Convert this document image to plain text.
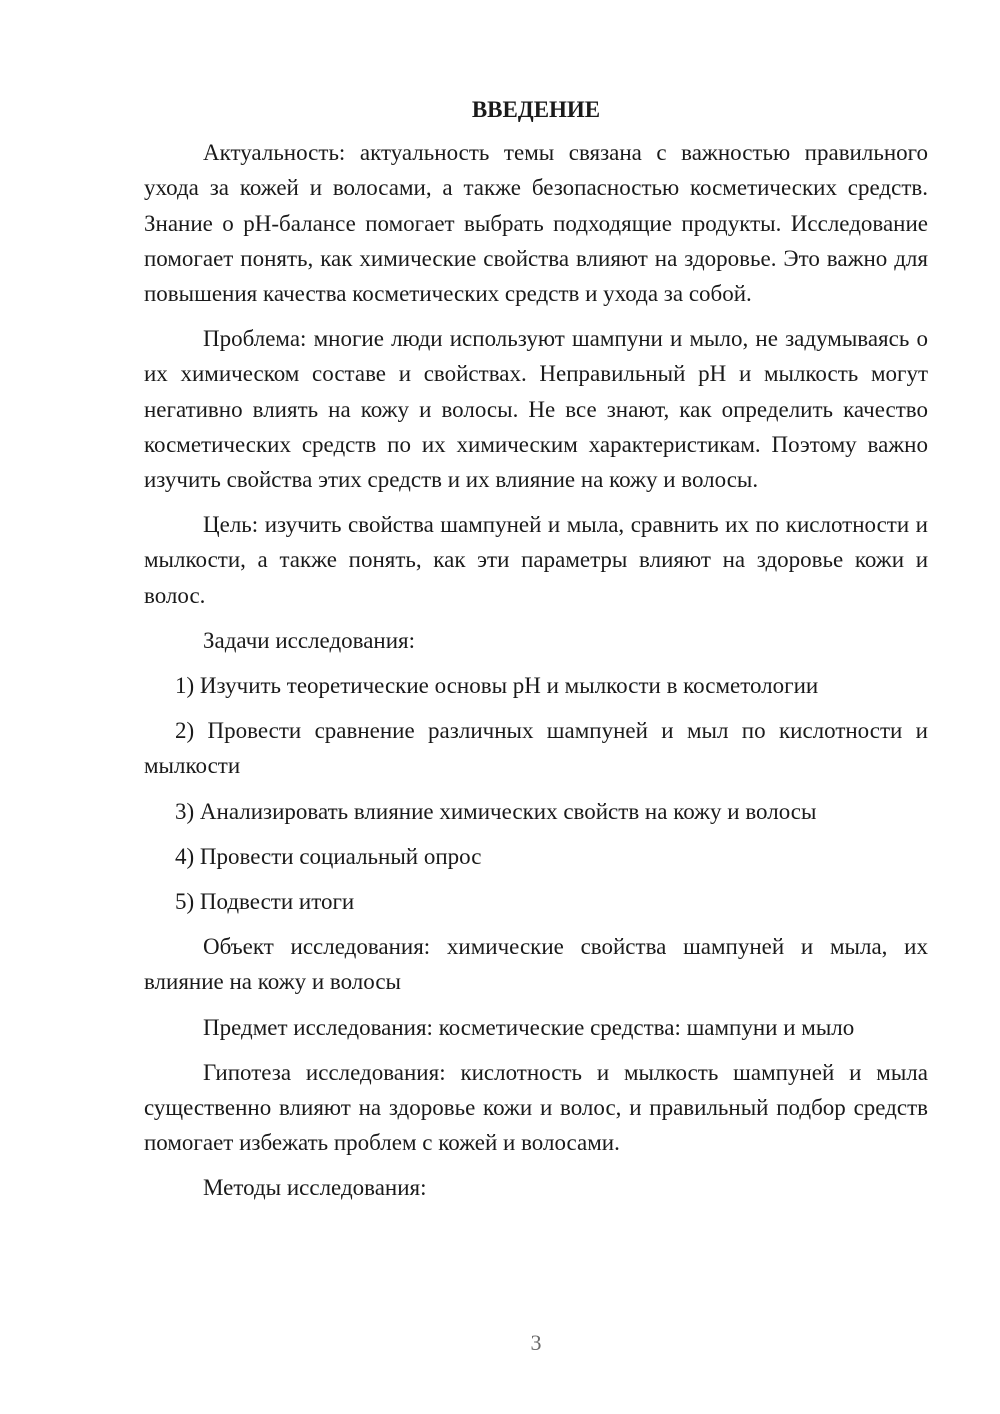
ВВЕДЕНИЕ

Актуальность: актуальность темы связана с важностью правильного ухода за кожей и волосами, а также безопасностью косметических средств. Знание о pH-балансе помогает выбрать подходящие продукты. Исследование помогает понять, как химические свойства влияют на здоровье. Это важно для повышения качества косметических средств и ухода за собой.

Проблема: многие люди используют шампуни и мыло, не задумываясь о их химическом составе и свойствах. Неправильный pH и мылкость могут негативно влиять на кожу и волосы. Не все знают, как определить качество косметических средств по их химическим характеристикам. Поэтому важно изучить свойства этих средств и их влияние на кожу и волосы.

Цель: изучить свойства шампуней и мыла, сравнить их по кислотности и мылкости, а также понять, как эти параметры влияют на здоровье кожи и волос.

Задачи исследования:

1) Изучить теоретические основы pH и мылкости в косметологии

2) Провести сравнение различных шампуней и мыл по кислотности и мылкости

3) Анализировать влияние химических свойств на кожу и волосы

4) Провести социальный опрос

5) Подвести итоги

Объект исследования: химические свойства шампуней и мыла, их влияние на кожу и волосы

Предмет исследования: косметические средства: шампуни и мыло

Гипотеза исследования: кислотность и мылкость шампуней и мыла существенно влияют на здоровье кожи и волос, и правильный подбор средств помогает избежать проблем с кожей и волосами.

Методы исследования:

3
